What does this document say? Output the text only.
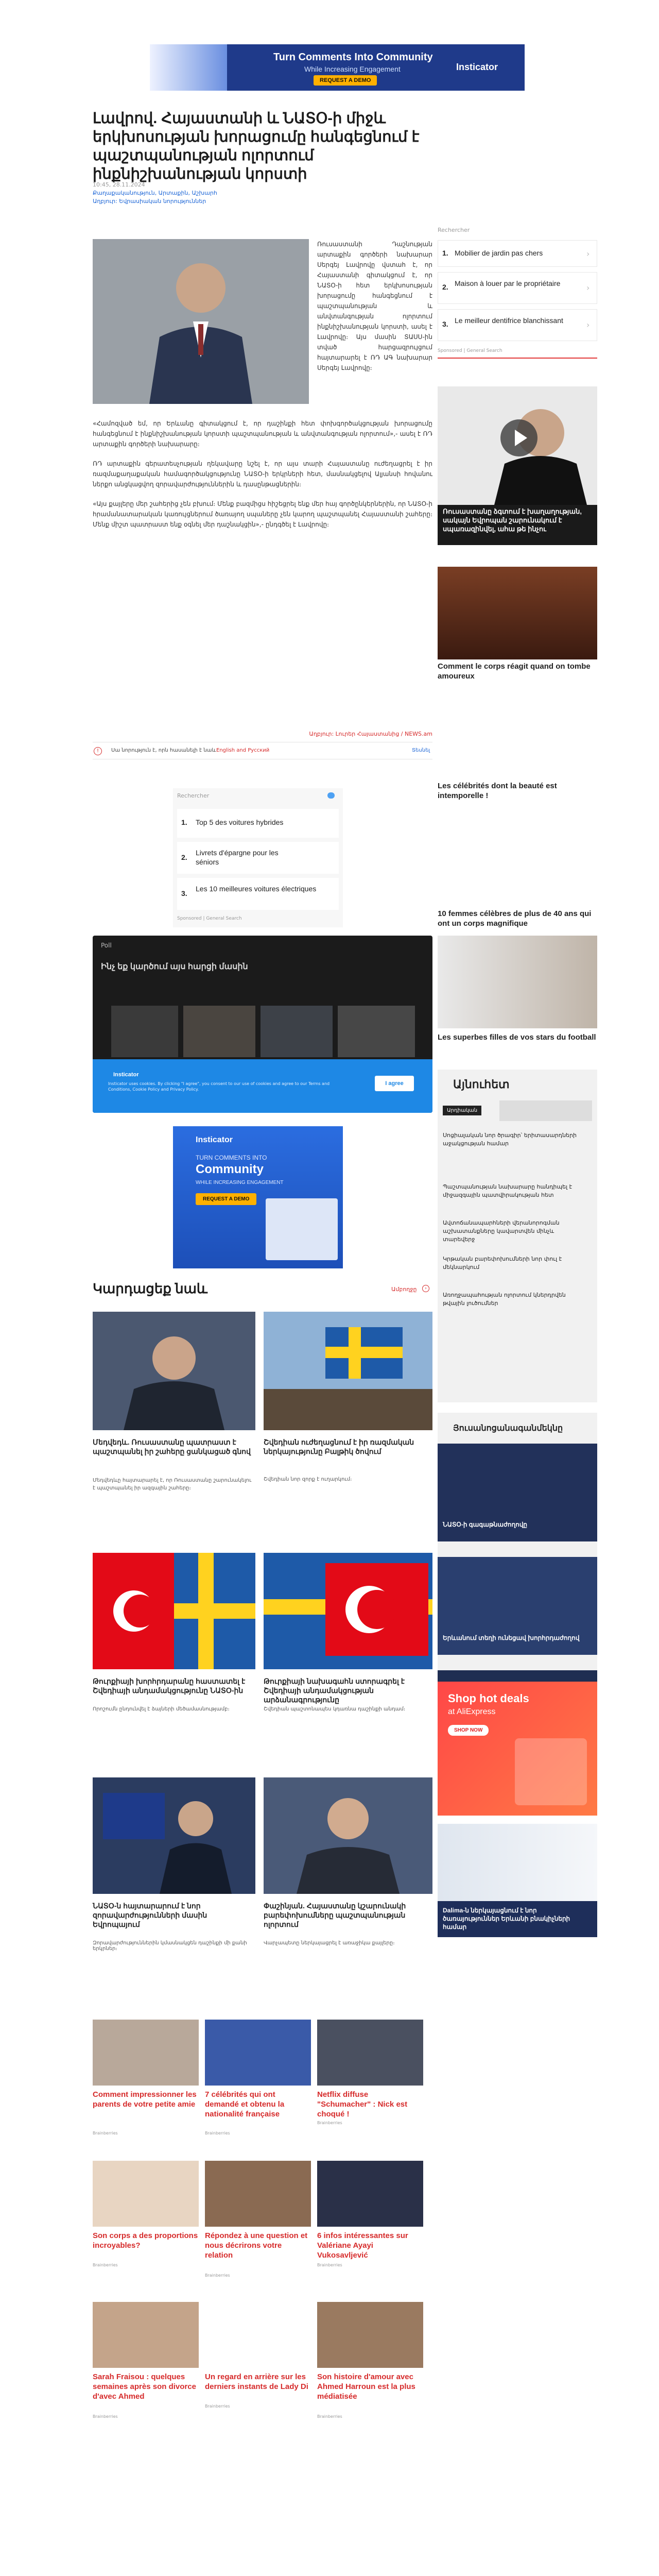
Turn Comments Into Community
While Increasing Engagement
REQUEST A DEMO
Insticator
Լավրով. Հայաստանի և ՆԱՏՕ-ի միջև երկխոսության խորացումը հանգեցնում է պաշտպանության ոլորտում ինքնիշխանության կորստի
10:45, 28.11.2024
Քաղաքականություն, Արտաքին, Աշխարհ
Աղբյուր: Եվրասիական նորություններ

Ռուսաստանի Դաշնության արտաքին գործերի նախարար Սերգեյ Լավրովը վստահ է, որ Հայաստանի գիտակցում է, որ ՆԱՏՕ-ի հետ երկխոսության խորացումը հանգեցնում է պաշտպանության և անվտանգության ոլորտում ինքնիշխանության կորստի, ասել է Լավրովը։ Այս մասին ՏԱՍՍ-ին տված հարցազրույցում հայտարարել է ՌԴ ԱԳ նախարար Սերգեյ Լավրովը։

«Համոզված եմ, որ Երևանը գիտակցում է, որ դաշինքի հետ փոխգործակցության խորացումը հանգեցնում է ինքնիշխանության կորստի պաշտպանության և անվտանգության ոլորտում»,- ասել է ՌԴ արտաքին գործերի նախարարը։

ՌԴ արտաքին գերատեսչության ղեկավարը նշել է, որ այս տարի Հայաստանը ուժեղացրել է իր ռազմաքաղաքական համագործակցությունը ՆԱՏՕ-ի երկրների հետ, մասնակցելով Ալյանսի հովանու ներքո անցկացվող զորավարժություններին և դասընթացներին։

«Այս քայլերը մեր շահերից չեն բխում։ Մենք բազմիցս հիշեցրել ենք մեր հայ գործընկերներին, որ ՆԱՏՕ-ի հրամանատարական կառույցներում ծառայող սպաները չեն կարող պաշտպանել Հայաստանի շահերը։ Մենք միշտ պատրաստ ենք օգնել մեր դաշնակցին»,- ընդգծել է Լավրովը։

Աղբյուր: Լուրեր Հայաստանից / NEWS.am
!	Սա նորություն է, որն հասանելի է նաև English and Русский	Տեսնել
Rechercher
1. Top 5 des voitures hybrides
2.
Livrets d'épargne pour les séniors
3.
Les 10 meilleures voitures électriques
Sponsored | General Search
Poll
Ինչ եք կարծում այս հարցի մասին
Insticator
Insticator uses cookies. By clicking "I agree", you consent to our use of cookies and agree to our Terms and Conditions, Cookie Policy and Privacy Policy.
I agree
Insticator
TURN COMMENTS INTO
Community
WHILE INCREASING ENGAGEMENT
REQUEST A DEMO
Կարդացեք նաև	Ամբողջը	›
Մեդվեդև. Ռուսաստանը պատրաստ է պաշտպանել իր շահերը ցանկացած գնով
Մեդվեդևը հայտարարել է, որ Ռուսաստանը շարունակելու է պաշտպանել իր ազգային շահերը։
Շվեդիան ուժեղացնում է իր ռազմական ներկայությունը Բալթիկ ծովում
Շվեդիան նոր զորք է ուղարկում։
Թուրքիայի խորհրդարանը հաստատել է Շվեդիայի անդամակցությունը ՆԱՏՕ-ին
Որոշումն ընդունվել է ձայների մեծամասնությամբ։
Թուրքիայի նախագահն ստորագրել է Շվեդիայի անդամակցության արձանագրությունը
Շվեդիան պաշտոնապես կդառնա դաշինքի անդամ։
ՆԱՏՕ-ն հայտարարում է նոր զորավարժությունների մասին Եվրոպայում
Զորավարժություններին կմասնակցեն դաշինքի մի քանի երկրներ։
Փաշինյան. Հայաստանը կշարունակի բարեփոխումները պաշտպանության ոլորտում
Վարչապետը ներկայացրել է առաջիկա քայլերը։
Comment impressionner les parents de votre petite amie
Brainberries
7 célébrités qui ont demandé et obtenu la nationalité française
Brainberries
Netflix diffuse "Schumacher" : Nick est choqué !
Brainberries
Son corps a des proportions incroyables?
Brainberries
Répondez à une question et nous décrirons votre relation
Brainberries
6 infos intéressantes sur Valériane Ayayi Vukosavljević
Brainberries
Sarah Fraisou : quelques semaines après son divorce d'avec Ahmed
Brainberries
Un regard en arrière sur les derniers instants de Lady Di
Brainberries
Son histoire d'amour avec Ahmed Harroun est la plus médiatisée
Brainberries
Rechercher
1. Mobilier de jardin pas chers	›
2. Maison à louer par le propriétaire	›
3. Le meilleur dentifrice blanchissant	›
Sponsored | General Search
Ռուսաստանը ձգտում է խաղաղության, սակայն Եվրոպան շարունակում է սպառազինվել, ահա թե ինչու
Comment le corps réagit quand on tombe amoureux
Les célébrités dont la beauté est intemporelle !
10 femmes célèbres de plus de 40 ans qui ont un corps magnifique
Les superbes filles de vos stars du football
Այնուհետ
Արդիական
Սոցիալական նոր ծրագիր՝ երիտասարդների աջակցության համար
Պաշտպանության նախարարը հանդիպել է միջազգային պատվիրակության հետ
Ավտոճանապարհների վերանորոգման աշխատանքները կավարտվեն մինչև տարեվերջ
Կրթական բարեփոխումների նոր փուլ է մեկնարկում
Առողջապահության ոլորտում կներդրվեն թվային լուծումներ
Յուսանոցանագանմեկնը
ՆԱՏՕ-ի գագաթնաժողովը
Երևանում տեղի ունեցավ խորհրդաժողով
Shop hot deals
at AliExpress
SHOP NOW
Dalima-ն ներկայացնում է նոր ծառայություններ Երևանի բնակիչների համար
